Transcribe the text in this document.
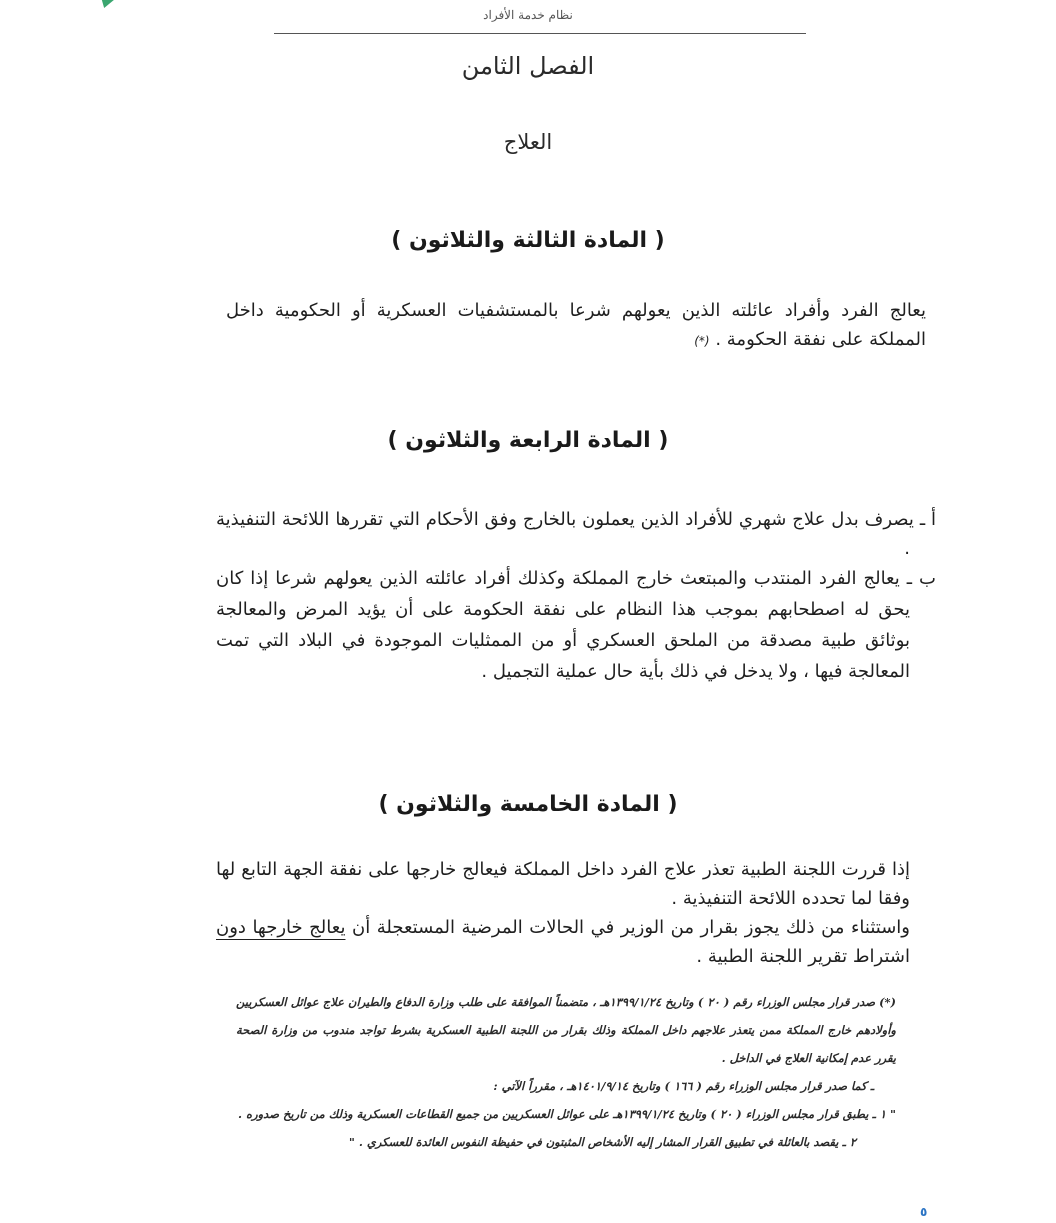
نظام خدمة الأفراد
الفصل الثامن
العلاج
( المادة الثالثة والثلاثون )

يعالج الفرد وأفراد عائلته الذين يعولهم شرعا بالمستشفيات العسكرية أو الحكومية داخل المملكة على نفقة الحكومة . (*)

( المادة الرابعة والثلاثون )

أ ـ يصرف بدل علاج شهري للأفراد الذين يعملون بالخارج وفق الأحكام التي تقررها اللائحة التنفيذية .

ب ـ يعالج الفرد المنتدب والمبتعث خارج المملكة وكذلك أفراد عائلته الذين يعولهم شرعا إذا كان يحق له اصطحابهم بموجب هذا النظام على نفقة الحكومة على أن يؤيد المرض والمعالجة بوثائق طبية مصدقة من الملحق العسكري أو من الممثليات الموجودة في البلاد التي تمت المعالجة فيها ، ولا يدخل في ذلك بأية حال عملية التجميل .

( المادة الخامسة والثلاثون )

إذا قررت اللجنة الطبية تعذر علاج الفرد داخل المملكة فيعالج خارجها على نفقة الجهة التابع لها وفقا لما تحدده اللائحة التنفيذية .

واستثناء من ذلك يجوز بقرار من الوزير في الحالات المرضية المستعجلة أن يعالج خارجها دون اشتراط تقرير اللجنة الطبية .

(*) صدر قرار مجلس الوزراء رقم ( ٢٠ ) وتاريخ ١٣٩٩/١/٢٤هـ ، متضمناً الموافقة على طلب وزارة الدفاع والطيران علاج عوائل العسكريين وأولادهم خارج المملكة ممن يتعذر علاجهم داخل المملكة وذلك بقرار من اللجنة الطبية العسكرية بشرط تواجد مندوب من وزارة الصحة يقرر عدم إمكانية العلاج في الداخل .

ـ كما صدر قرار مجلس الوزراء رقم ( ١٦٦ ) وتاريخ ١٤٠١/٩/١٤هـ ، مقرراً الآتي :

" ١ ـ يطبق قرار مجلس الوزراء ( ٢٠ ) وتاريخ ١٣٩٩/١/٢٤هـ على عوائل العسكريين من جميع القطاعات العسكرية وذلك من تاريخ صدوره .

٢ ـ يقصد بالعائلة في تطبيق القرار المشار إليه الأشخاص المثبتون في حفيظة النفوس العائدة للعسكري . "

٥
